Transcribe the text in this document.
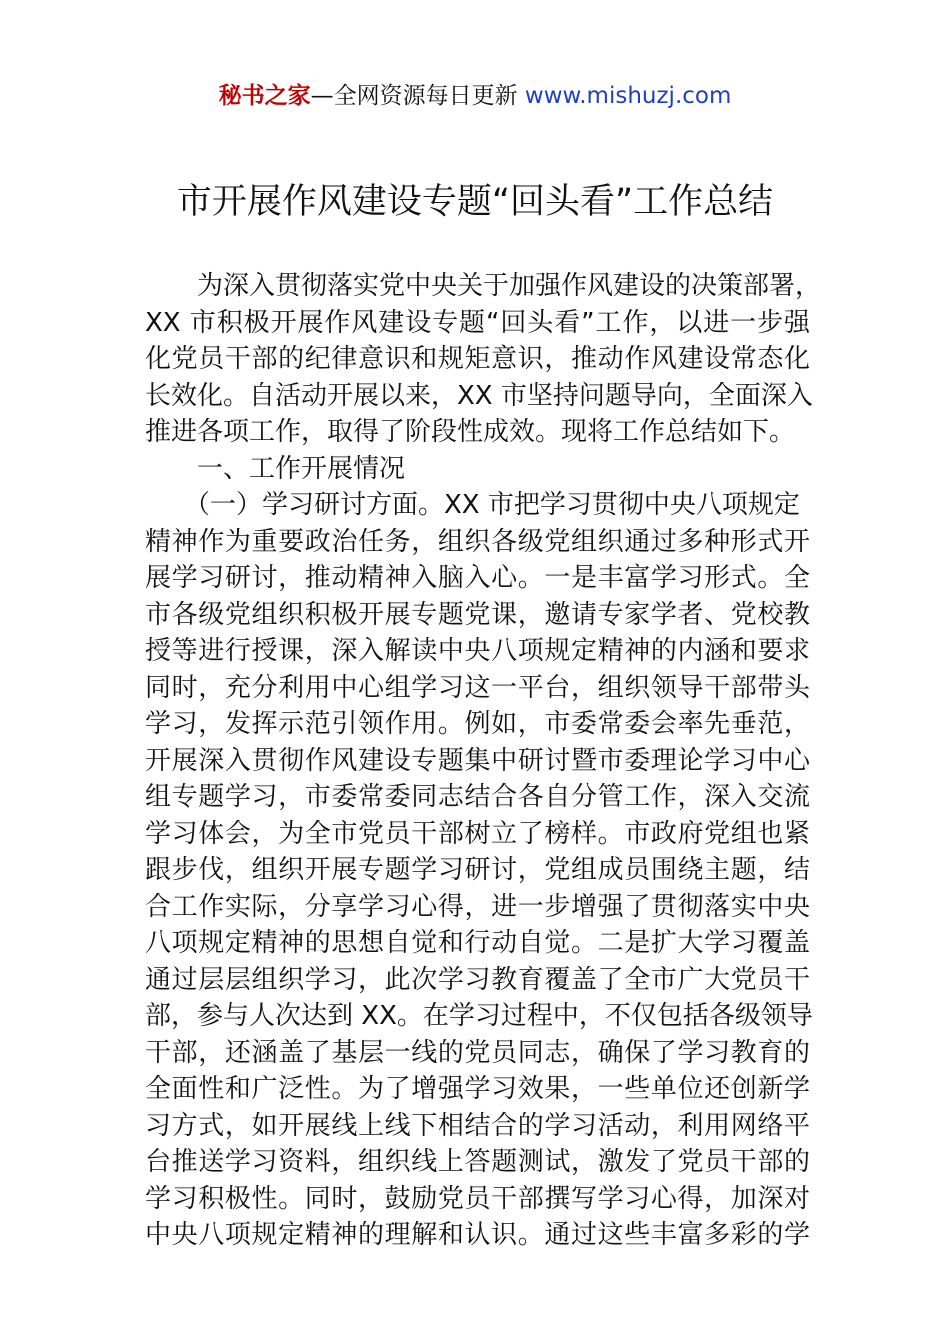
秘书之家—全网资源每日更新 www.mishuzj.com
市开展作风建设专题“回头看”工作总结
　　为深入贯彻落实党中央关于加强作风建设的决策部署，
XX 市积极开展作风建设专题“回头看”工作，以进一步强
化党员干部的纪律意识和规矩意识，推动作风建设常态化
长效化。自活动开展以来，XX 市坚持问题导向，全面深入
推进各项工作，取得了阶段性成效。现将工作总结如下。
　　一、工作开展情况
　　（一）学习研讨方面。XX 市把学习贯彻中央八项规定
精神作为重要政治任务，组织各级党组织通过多种形式开
展学习研讨，推动精神入脑入心。一是丰富学习形式。全
市各级党组织积极开展专题党课，邀请专家学者、党校教
授等进行授课，深入解读中央八项规定精神的内涵和要求
同时，充分利用中心组学习这一平台，组织领导干部带头
学习，发挥示范引领作用。例如，市委常委会率先垂范，
开展深入贯彻作风建设专题集中研讨暨市委理论学习中心
组专题学习，市委常委同志结合各自分管工作，深入交流
学习体会，为全市党员干部树立了榜样。市政府党组也紧
跟步伐，组织开展专题学习研讨，党组成员围绕主题，结
合工作实际，分享学习心得，进一步增强了贯彻落实中央
八项规定精神的思想自觉和行动自觉。二是扩大学习覆盖
通过层层组织学习，此次学习教育覆盖了全市广大党员干
部，参与人次达到 XX。在学习过程中，不仅包括各级领导
干部，还涵盖了基层一线的党员同志，确保了学习教育的
全面性和广泛性。为了增强学习效果，一些单位还创新学
习方式，如开展线上线下相结合的学习活动，利用网络平
台推送学习资料，组织线上答题测试，激发了党员干部的
学习积极性。同时，鼓励党员干部撰写学习心得，加深对
中央八项规定精神的理解和认识。通过这些丰富多彩的学
